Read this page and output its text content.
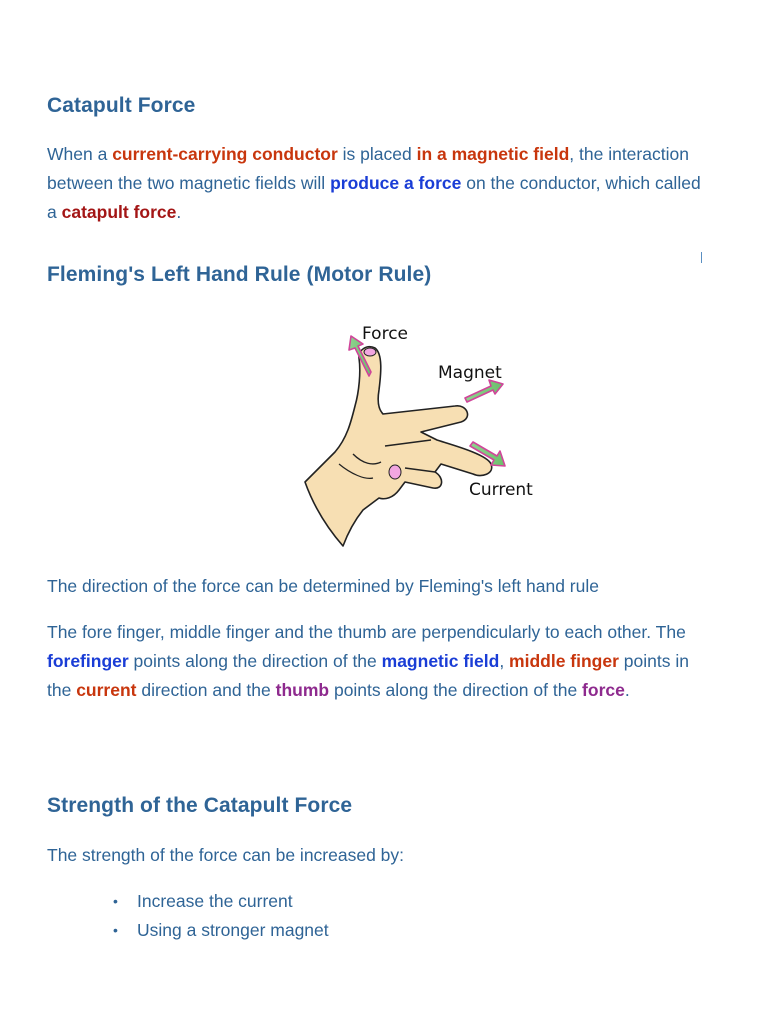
Catapult Force

When a current-carrying conductor is placed in a magnetic field, the interaction between the two magnetic fields will produce a force on the conductor, which called a catapult force.

Fleming's Left Hand Rule (Motor Rule)
Force
Magnet
Current

The direction of the force can be determined by Fleming's left hand rule

The fore finger, middle finger and the thumb are perpendicularly to each other. The forefinger points along the direction of the magnetic field, middle finger points in the current direction and the thumb points along the direction of the force.

Strength of the Catapult Force

The strength of the force can be increased by:

• Increase the current
• Using a stronger magnet
